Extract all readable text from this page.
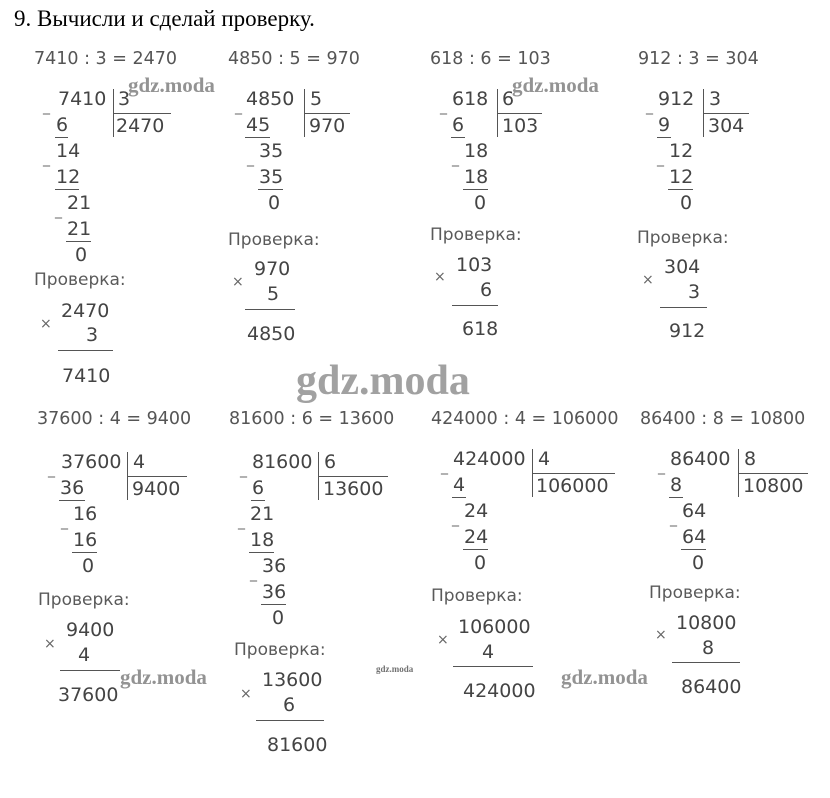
9. Вычисли и сделай проверку.
7410 : 3 = 2470
_ 7410 3
2470
6
_ 14
12
_ 21
21
0
Проверка:
×
2470
3
7410
4850 : 5 = 970
_ 4850 5
970
45
_ 35
35
0
Проверка:
×
970
5
4850
618 : 6 = 103
_ 618 6
103
6
_ 18
18
0
Проверка:
×
103
6
618
912 : 3 = 304
_ 912 3
304
9
_ 12
12
0
Проверка:
×
304
3
912
37600 : 4 = 9400
_ 37600 4
9400
36
_ 16
16
0
Проверка:
×
9400
4
37600
81600 : 6 = 13600
_ 81600 6
13600
6
_ 21
18
_ 36
36
0
Проверка:
×
13600
6
81600
424000 : 4 = 106000
_ 424000 4
106000
4
_ 24
24
0
Проверка:
×
106000
4
424000
86400 : 8 = 10800
_ 86400 8
10800
8
_ 64
64
0
Проверка:
×
10800
8
86400
gdz.moda	gdz.moda
gdz.moda
gdz.moda	gdz.moda	gdz.moda
